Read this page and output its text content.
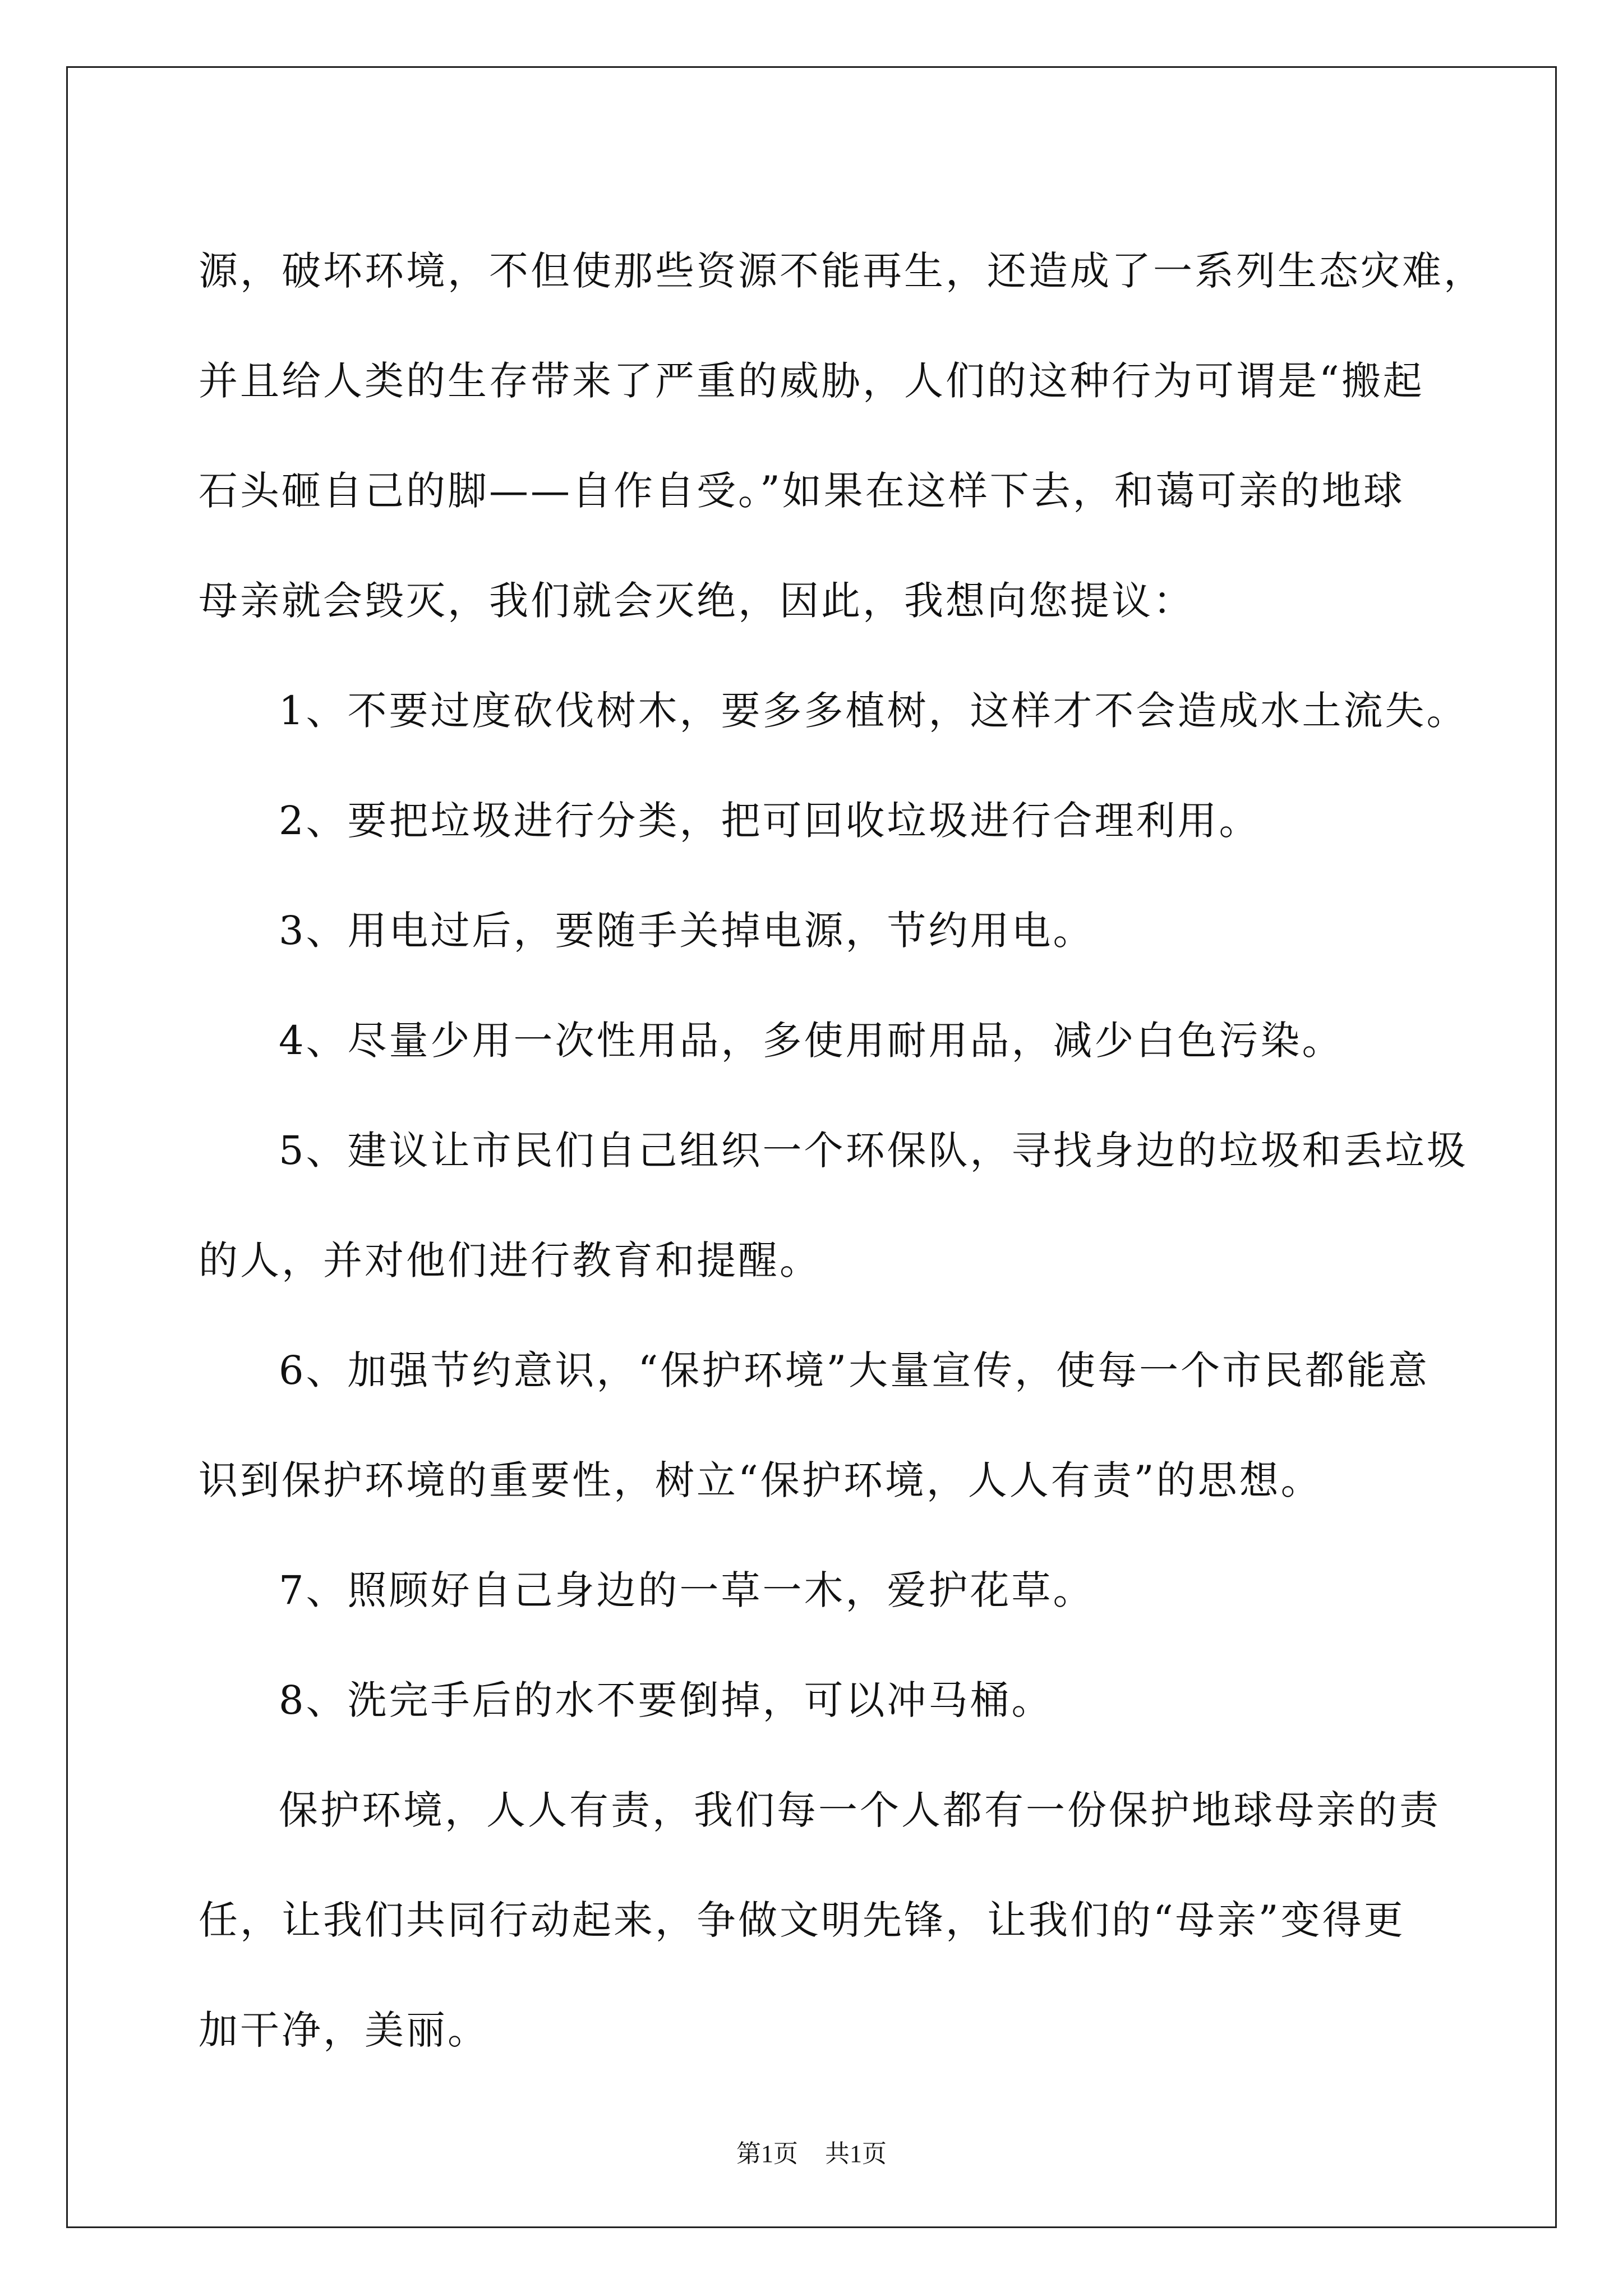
源，破坏环境，不但使那些资源不能再生，还造成了一系列生态灾难，
并且给人类的生存带来了严重的威胁，人们的这种行为可谓是“搬起
石头砸自己的脚——自作自受。”如果在这样下去，和蔼可亲的地球
母亲就会毁灭，我们就会灭绝，因此，我想向您提议：
1、不要过度砍伐树木，要多多植树，这样才不会造成水土流失。
2、要把垃圾进行分类，把可回收垃圾进行合理利用。
3、用电过后，要随手关掉电源，节约用电。
4、尽量少用一次性用品，多使用耐用品，减少白色污染。
5、建议让市民们自己组织一个环保队，寻找身边的垃圾和丢垃圾
的人，并对他们进行教育和提醒。
6、加强节约意识，“保护环境”大量宣传，使每一个市民都能意
识到保护环境的重要性，树立“保护环境，人人有责”的思想。
7、照顾好自己身边的一草一木，爱护花草。
8、洗完手后的水不要倒掉，可以冲马桶。
保护环境，人人有责，我们每一个人都有一份保护地球母亲的责
任，让我们共同行动起来，争做文明先锋，让我们的“母亲”变得更
加干净，美丽。
第1页 共1页
